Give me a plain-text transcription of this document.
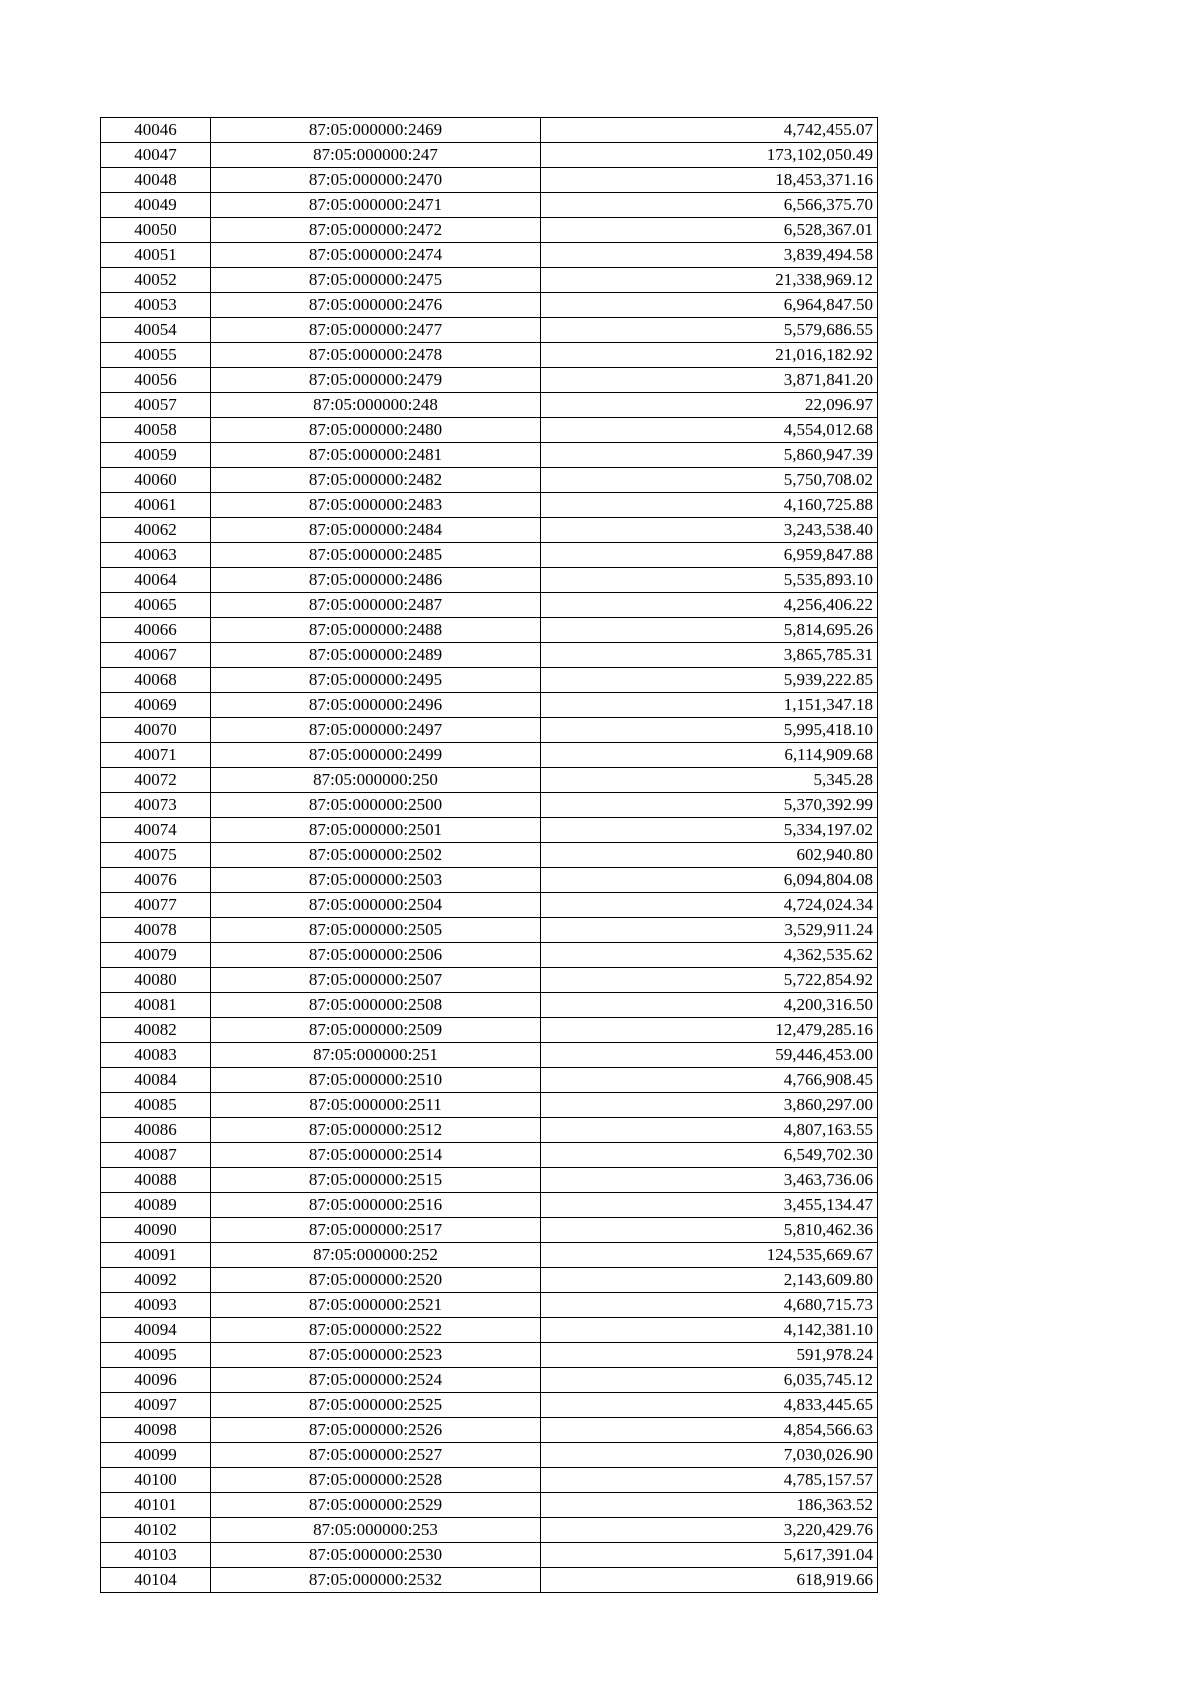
40046	87:05:000000:2469	4,742,455.07
40047	87:05:000000:247	173,102,050.49
40048	87:05:000000:2470	18,453,371.16
40049	87:05:000000:2471	6,566,375.70
40050	87:05:000000:2472	6,528,367.01
40051	87:05:000000:2474	3,839,494.58
40052	87:05:000000:2475	21,338,969.12
40053	87:05:000000:2476	6,964,847.50
40054	87:05:000000:2477	5,579,686.55
40055	87:05:000000:2478	21,016,182.92
40056	87:05:000000:2479	3,871,841.20
40057	87:05:000000:248	22,096.97
40058	87:05:000000:2480	4,554,012.68
40059	87:05:000000:2481	5,860,947.39
40060	87:05:000000:2482	5,750,708.02
40061	87:05:000000:2483	4,160,725.88
40062	87:05:000000:2484	3,243,538.40
40063	87:05:000000:2485	6,959,847.88
40064	87:05:000000:2486	5,535,893.10
40065	87:05:000000:2487	4,256,406.22
40066	87:05:000000:2488	5,814,695.26
40067	87:05:000000:2489	3,865,785.31
40068	87:05:000000:2495	5,939,222.85
40069	87:05:000000:2496	1,151,347.18
40070	87:05:000000:2497	5,995,418.10
40071	87:05:000000:2499	6,114,909.68
40072	87:05:000000:250	5,345.28
40073	87:05:000000:2500	5,370,392.99
40074	87:05:000000:2501	5,334,197.02
40075	87:05:000000:2502	602,940.80
40076	87:05:000000:2503	6,094,804.08
40077	87:05:000000:2504	4,724,024.34
40078	87:05:000000:2505	3,529,911.24
40079	87:05:000000:2506	4,362,535.62
40080	87:05:000000:2507	5,722,854.92
40081	87:05:000000:2508	4,200,316.50
40082	87:05:000000:2509	12,479,285.16
40083	87:05:000000:251	59,446,453.00
40084	87:05:000000:2510	4,766,908.45
40085	87:05:000000:2511	3,860,297.00
40086	87:05:000000:2512	4,807,163.55
40087	87:05:000000:2514	6,549,702.30
40088	87:05:000000:2515	3,463,736.06
40089	87:05:000000:2516	3,455,134.47
40090	87:05:000000:2517	5,810,462.36
40091	87:05:000000:252	124,535,669.67
40092	87:05:000000:2520	2,143,609.80
40093	87:05:000000:2521	4,680,715.73
40094	87:05:000000:2522	4,142,381.10
40095	87:05:000000:2523	591,978.24
40096	87:05:000000:2524	6,035,745.12
40097	87:05:000000:2525	4,833,445.65
40098	87:05:000000:2526	4,854,566.63
40099	87:05:000000:2527	7,030,026.90
40100	87:05:000000:2528	4,785,157.57
40101	87:05:000000:2529	186,363.52
40102	87:05:000000:253	3,220,429.76
40103	87:05:000000:2530	5,617,391.04
40104	87:05:000000:2532	618,919.66
